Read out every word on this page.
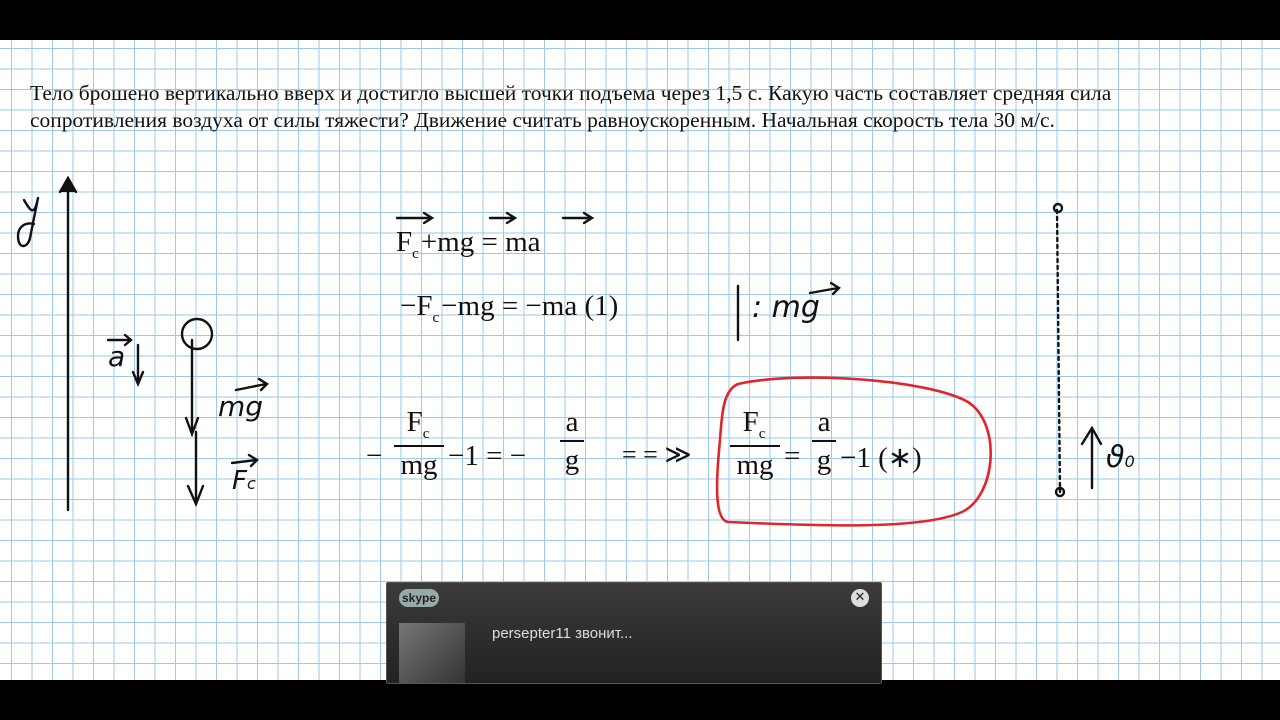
Тело брошено вертикально вверх и достигло высшей точки подъема через 1,5 с. Какую часть составляет средняя сила

сопротивления воздуха от силы тяжести? Движение считать равноускоренным. Начальная скорость тела 30 м/с.

a
mg
Fc
ϑ0
$F_c+mg$ = ma
$-F_c-mg = -ma$ (1)	: mg
−
$F_c$
mg −1 = −
a
g = = ≫
$F_c$
mg =
a
g −1 (∗)
skype	✕
persepter11 звонит...
